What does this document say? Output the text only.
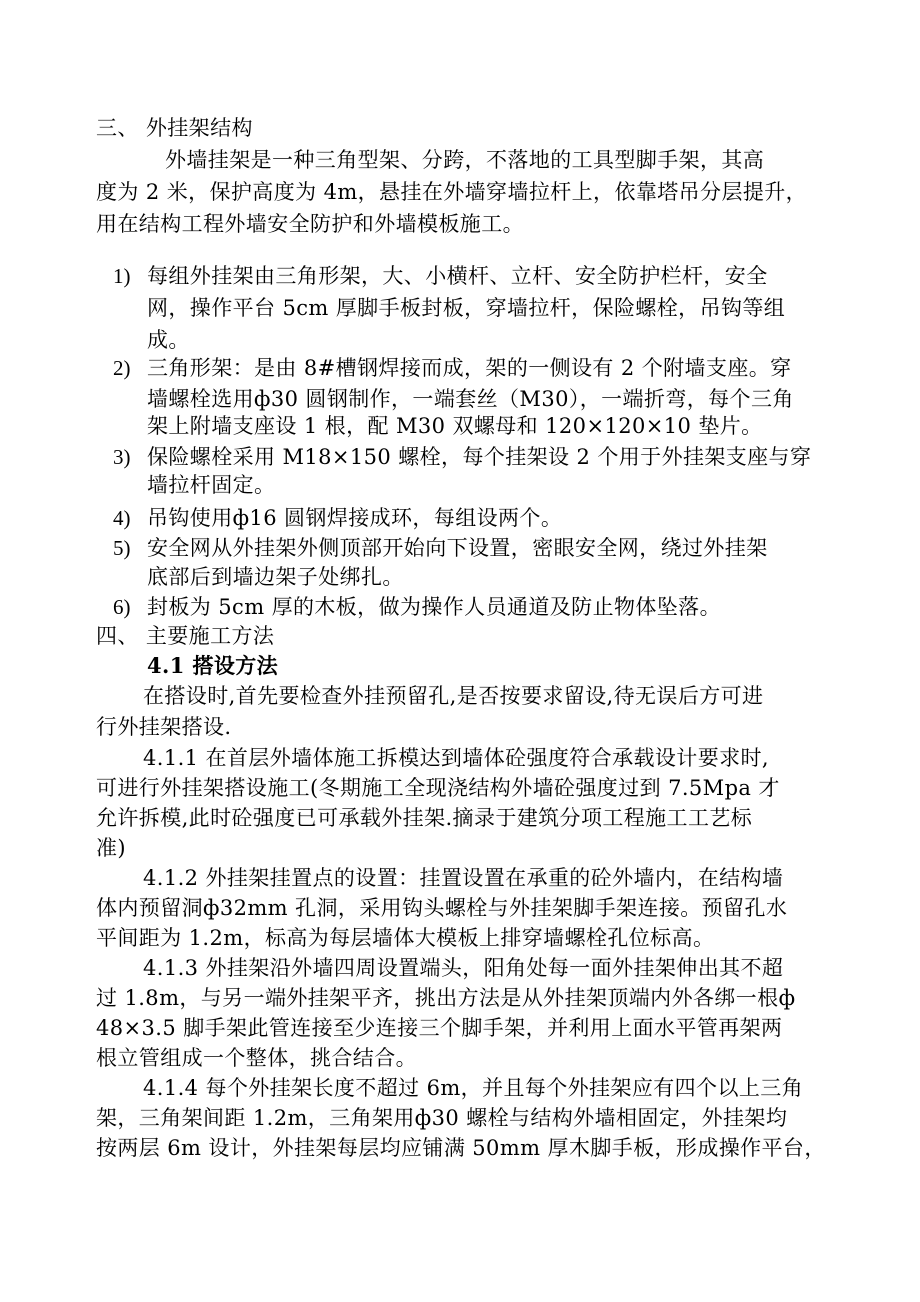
三、 外挂架结构
外墙挂架是一种三角型架、分跨，不落地的工具型脚手架，其高
度为 2 米，保护高度为 4m，悬挂在外墙穿墙拉杆上，依靠塔吊分层提升，
用在结构工程外墙安全防护和外墙模板施工。
1) 每组外挂架由三角形架，大、小横杆、立杆、安全防护栏杆，安全
网，操作平台 5cm 厚脚手板封板，穿墙拉杆，保险螺栓，吊钩等组
成。
2) 三角形架：是由 8#槽钢焊接而成，架的一侧设有 2 个附墙支座。穿
墙螺栓选用ф30 圆钢制作，一端套丝（M30），一端折弯，每个三角
架上附墙支座设 1 根，配 M30 双螺母和 120×120×10 垫片。
3) 保险螺栓采用 M18×150 螺栓，每个挂架设 2 个用于外挂架支座与穿
墙拉杆固定。
4) 吊钩使用ф16 圆钢焊接成环，每组设两个。
5) 安全网从外挂架外侧顶部开始向下设置，密眼安全网，绕过外挂架
底部后到墙边架子处绑扎。
6) 封板为 5cm 厚的木板，做为操作人员通道及防止物体坠落。
四、 主要施工方法
4.1 搭设方法
在搭设时,首先要检查外挂预留孔,是否按要求留设,待无误后方可进
行外挂架搭设.
4.1.1 在首层外墙体施工拆模达到墙体砼强度符合承载设计要求时,
可进行外挂架搭设施工(冬期施工全现浇结构外墙砼强度过到 7.5Mpa 才
允许拆模,此时砼强度已可承载外挂架.摘录于建筑分项工程施工工艺标
准)
4.1.2 外挂架挂置点的设置：挂置设置在承重的砼外墙内，在结构墙
体内预留洞ф32mm 孔洞，采用钩头螺栓与外挂架脚手架连接。预留孔水
平间距为 1.2m，标高为每层墙体大模板上排穿墙螺栓孔位标高。
4.1.3 外挂架沿外墙四周设置端头，阳角处每一面外挂架伸出其不超
过 1.8m，与另一端外挂架平齐，挑出方法是从外挂架顶端内外各绑一根ф
48×3.5 脚手架此管连接至少连接三个脚手架，并利用上面水平管再架两
根立管组成一个整体，挑合结合。
4.1.4 每个外挂架长度不超过 6m，并且每个外挂架应有四个以上三角
架，三角架间距 1.2m，三角架用ф30 螺栓与结构外墙相固定，外挂架均
按两层 6m 设计，外挂架每层均应铺满 50mm 厚木脚手板，形成操作平台，
